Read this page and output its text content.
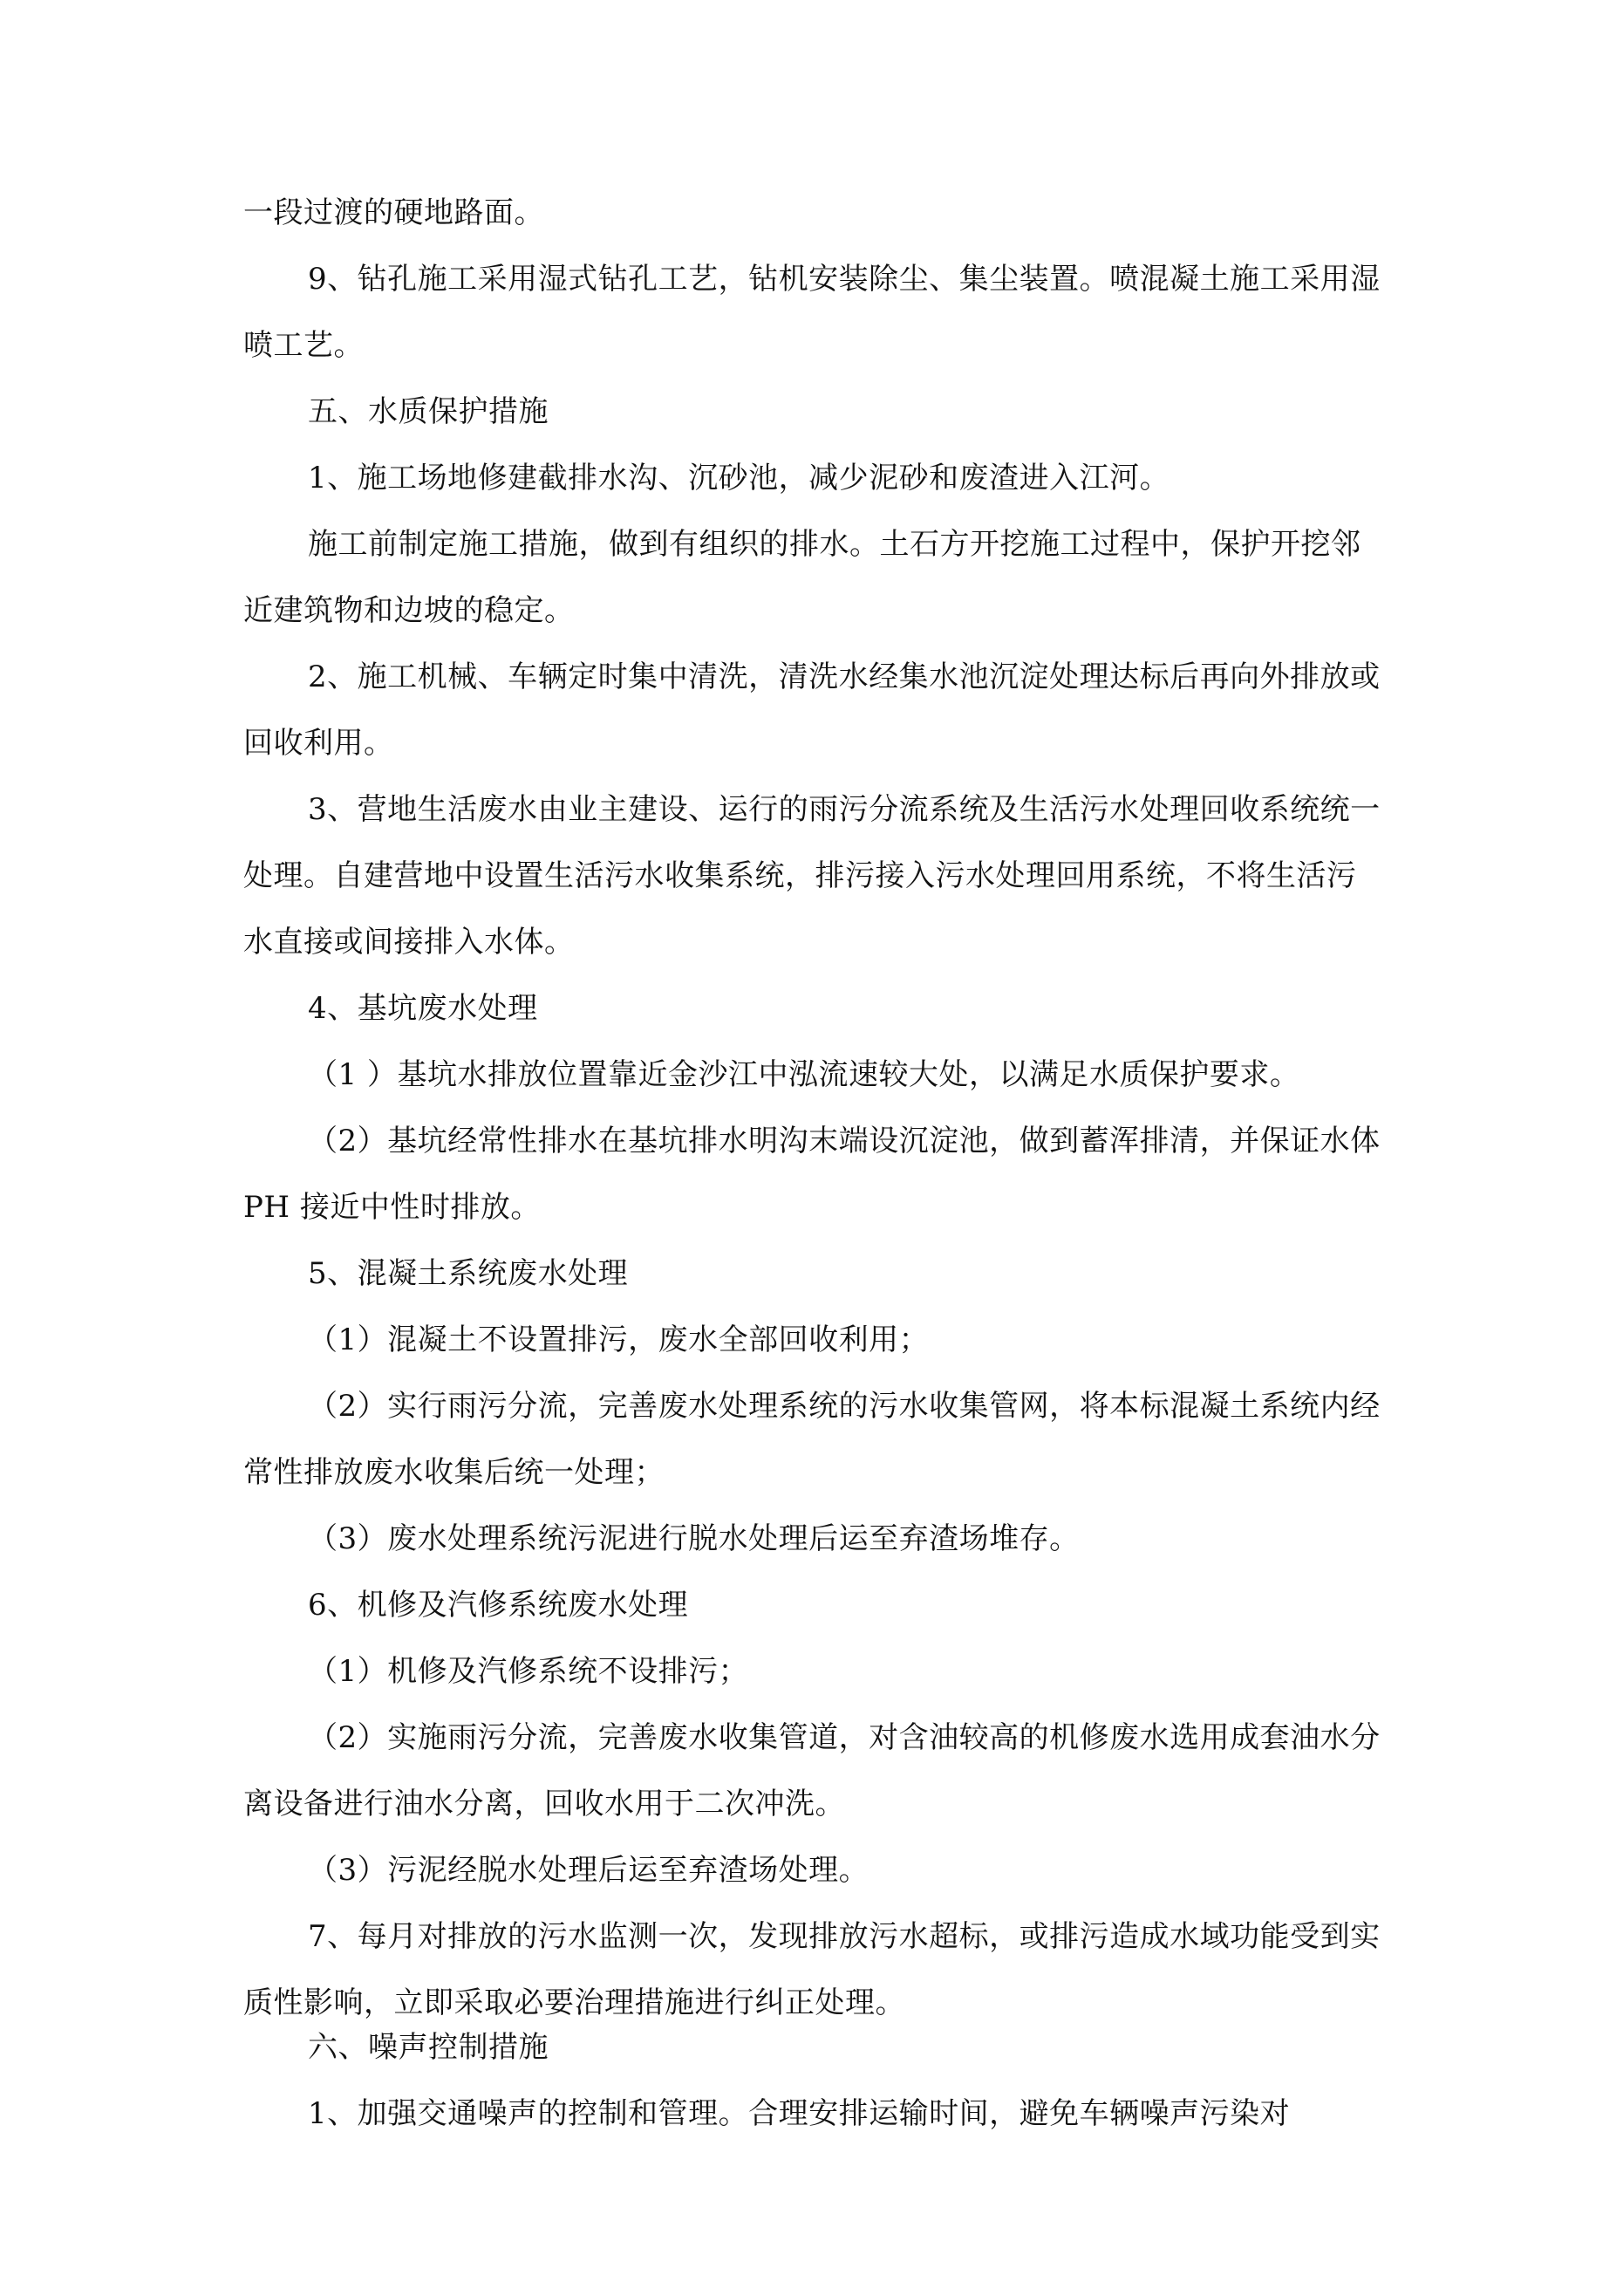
一段过渡的硬地路面。
9、钻孔施工采用湿式钻孔工艺，钻机安装除尘、集尘装置。喷混凝土施工采用湿
喷工艺。
五、水质保护措施
1、施工场地修建截排水沟、沉砂池，减少泥砂和废渣进入江河。
施工前制定施工措施，做到有组织的排水。土石方开挖施工过程中，保护开挖邻
近建筑物和边坡的稳定。
2、施工机械、车辆定时集中清洗，清洗水经集水池沉淀处理达标后再向外排放或
回收利用。
3、营地生活废水由业主建设、运行的雨污分流系统及生活污水处理回收系统统一
处理。自建营地中设置生活污水收集系统，排污接入污水处理回用系统，不将生活污
水直接或间接排入水体。
4、基坑废水处理
（1 ）基坑水排放位置靠近金沙江中泓流速较大处，以满足水质保护要求。
（2）基坑经常性排水在基坑排水明沟末端设沉淀池，做到蓄浑排清，并保证水体
PH 接近中性时排放。
5、混凝土系统废水处理
（1）混凝土不设置排污，废水全部回收利用；
（2）实行雨污分流，完善废水处理系统的污水收集管网，将本标混凝土系统内经
常性排放废水收集后统一处理；
（3）废水处理系统污泥进行脱水处理后运至弃渣场堆存。
6、机修及汽修系统废水处理
（1）机修及汽修系统不设排污；
（2）实施雨污分流，完善废水收集管道，对含油较高的机修废水选用成套油水分
离设备进行油水分离，回收水用于二次冲洗。
（3）污泥经脱水处理后运至弃渣场处理。
7、每月对排放的污水监测一次，发现排放污水超标，或排污造成水域功能受到实
质性影响，立即采取必要治理措施进行纠正处理。
六、噪声控制措施
1、加强交通噪声的控制和管理。合理安排运输时间，避免车辆噪声污染对
